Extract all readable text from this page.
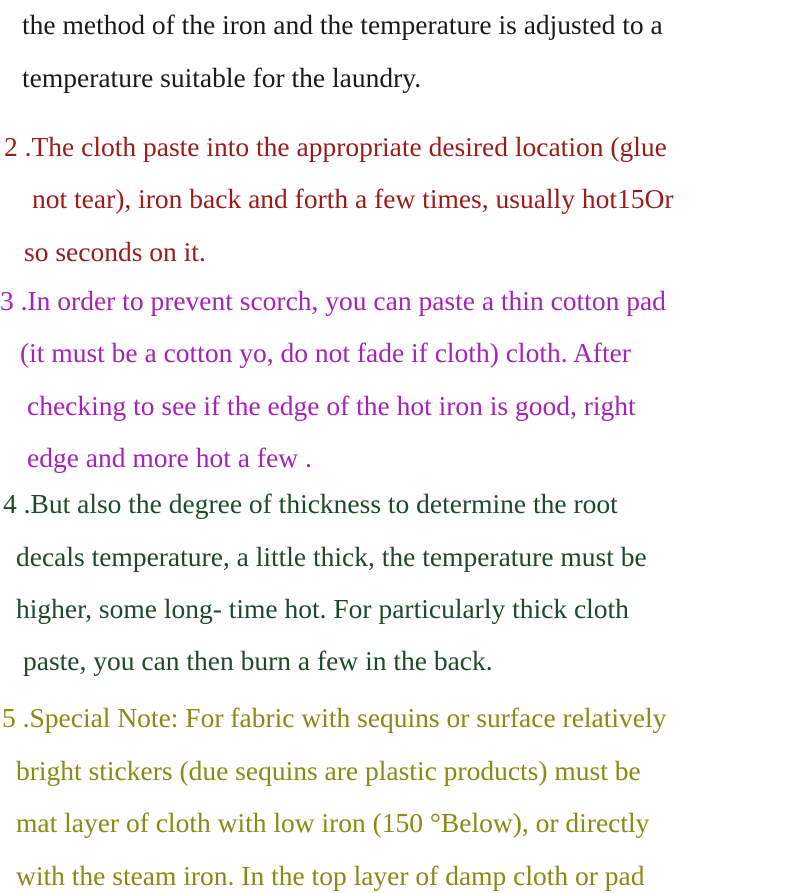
the method of the iron and the temperature is adjusted to a

temperature suitable for the laundry.

2 .The cloth paste into the appropriate desired location (glue

not tear), iron back and forth a few times, usually hot15Or

so seconds on it.

3 .In order to prevent scorch, you can paste a thin cotton pad

(it must be a cotton yo, do not fade if cloth) cloth. After

checking to see if the edge of the hot iron is good, right

edge and more hot a few .

4 .But also the degree of thickness to determine the root

decals temperature, a little thick, the temperature must be

higher, some long- time hot. For particularly thick cloth

paste, you can then burn a few in the back.

5 .Special Note: For fabric with sequins or surface relatively

bright stickers (due sequins are plastic products) must be

mat layer of cloth with low iron (150 °Below), or directly

with the steam iron. In the top layer of damp cloth or pad
